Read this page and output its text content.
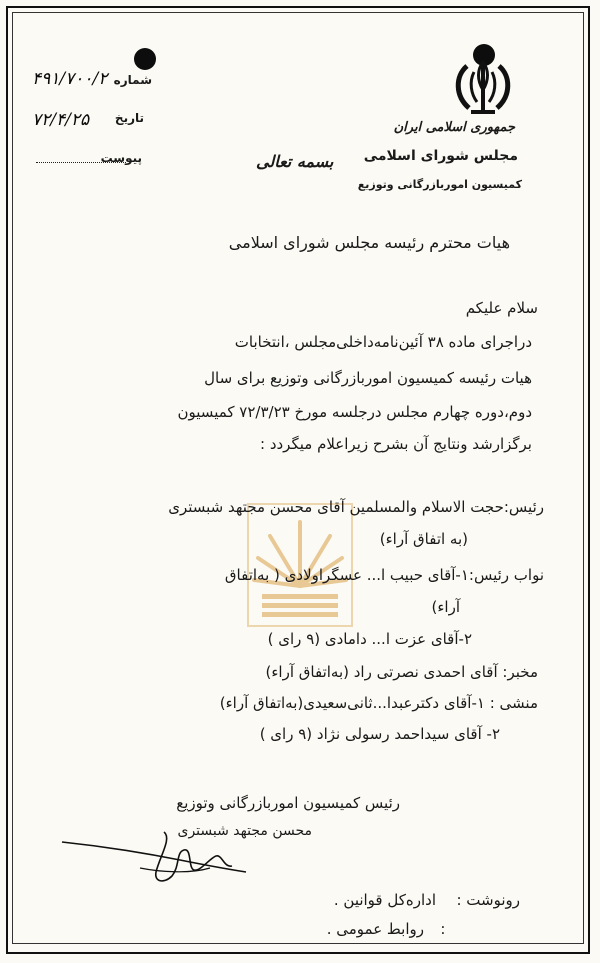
جمهوری اسلامی ایران
مجلس شورای اسلامی
کمیسیون اموربازرگانی وتوزیع
شماره
۴۹۱/۷۰۰/۲
تاریخ
۷۲/۴/۲۵
پیوست	بسمه تعالی
هیات محترم رئیسه مجلس شورای اسلامی
سلام علیکم
دراجرای ماده ۳۸ آئین‌نامه‌داخلی‌مجلس ،انتخابات
هیات رئیسه کمیسیون اموربازرگانی وتوزیع برای سال
دوم،دوره چهارم مجلس درجلسه مورخ ۷۲/۳/۲۳ کمیسیون
برگزارشد ونتایج آن بشرح زیراعلام میگردد :
رئیس:حجت الاسلام والمسلمین آقای محسن مجتهد شبستری
(به اتفاق آراء)
نواب رئیس:۱-آقای حبیب ا... عسگراولادی ( به‌اتفاق
آراء)
۲-آقای عزت ا... دامادی (۹ رای )
مخبر: آقای احمدی نصرتی راد (به‌اتفاق آراء)
منشی : ۱-آقای دکترعبدا...ثانی‌سعیدی(به‌اتفاق آراء)
۲- آقای سیداحمد رسولی نژاد (۹ رای )
رئیس کمیسیون اموربازرگانی وتوزیع
محسن مجتهد شبستری
رونوشت :
اداره‌کل قوانین .
:
روابط عمومی .
